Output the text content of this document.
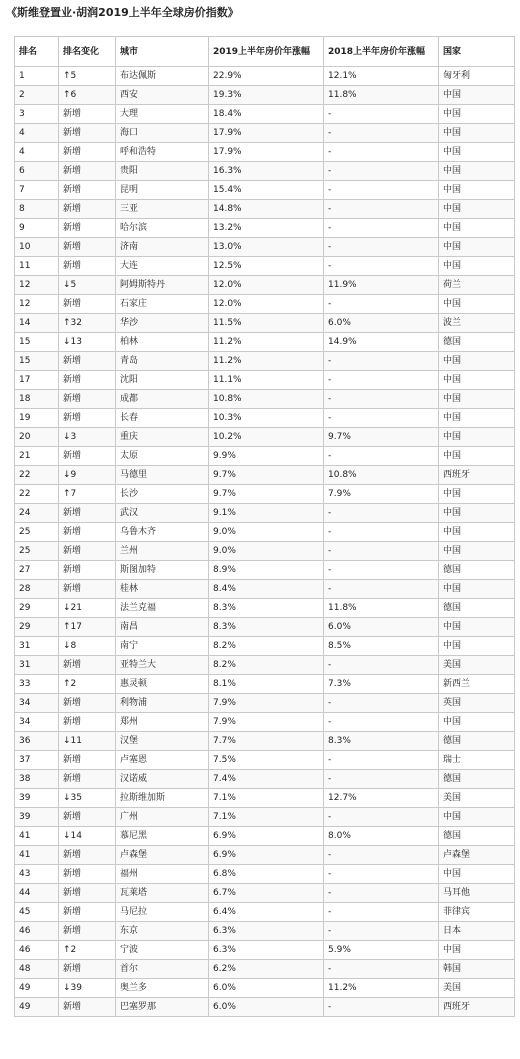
《斯维登置业·胡润2019上半年全球房价指数》
排名	排名变化	城市	2019上半年房价年涨幅	2018上半年房价年涨幅	国家
1	↑5	布达佩斯	22.9%	12.1%	匈牙利
2	↑6	西安	19.3%	11.8%	中国
3	新增	大理	18.4%	-	中国
4	新增	海口	17.9%	-	中国
4	新增	呼和浩特	17.9%	-	中国
6	新增	贵阳	16.3%	-	中国
7	新增	昆明	15.4%	-	中国
8	新增	三亚	14.8%	-	中国
9	新增	哈尔滨	13.2%	-	中国
10	新增	济南	13.0%	-	中国
11	新增	大连	12.5%	-	中国
12	↓5	阿姆斯特丹	12.0%	11.9%	荷兰
12	新增	石家庄	12.0%	-	中国
14	↑32	华沙	11.5%	6.0%	波兰
15	↓13	柏林	11.2%	14.9%	德国
15	新增	青岛	11.2%	-	中国
17	新增	沈阳	11.1%	-	中国
18	新增	成都	10.8%	-	中国
19	新增	长春	10.3%	-	中国
20	↓3	重庆	10.2%	9.7%	中国
21	新增	太原	9.9%	-	中国
22	↓9	马德里	9.7%	10.8%	西班牙
22	↑7	长沙	9.7%	7.9%	中国
24	新增	武汉	9.1%	-	中国
25	新增	乌鲁木齐	9.0%	-	中国
25	新增	兰州	9.0%	-	中国
27	新增	斯图加特	8.9%	-	德国
28	新增	桂林	8.4%	-	中国
29	↓21	法兰克福	8.3%	11.8%	德国
29	↑17	南昌	8.3%	6.0%	中国
31	↓8	南宁	8.2%	8.5%	中国
31	新增	亚特兰大	8.2%	-	美国
33	↑2	惠灵顿	8.1%	7.3%	新西兰
34	新增	利物浦	7.9%	-	英国
34	新增	郑州	7.9%	-	中国
36	↓11	汉堡	7.7%	8.3%	德国
37	新增	卢塞恩	7.5%	-	瑞士
38	新增	汉诺威	7.4%	-	德国
39	↓35	拉斯维加斯	7.1%	12.7%	美国
39	新增	广州	7.1%	-	中国
41	↓14	慕尼黑	6.9%	8.0%	德国
41	新增	卢森堡	6.9%	-	卢森堡
43	新增	福州	6.8%	-	中国
44	新增	瓦莱塔	6.7%	-	马耳他
45	新增	马尼拉	6.4%	-	菲律宾
46	新增	东京	6.3%	-	日本
46	↑2	宁波	6.3%	5.9%	中国
48	新增	首尔	6.2%	-	韩国
49	↓39	奥兰多	6.0%	11.2%	美国
49	新增	巴塞罗那	6.0%	-	西班牙
